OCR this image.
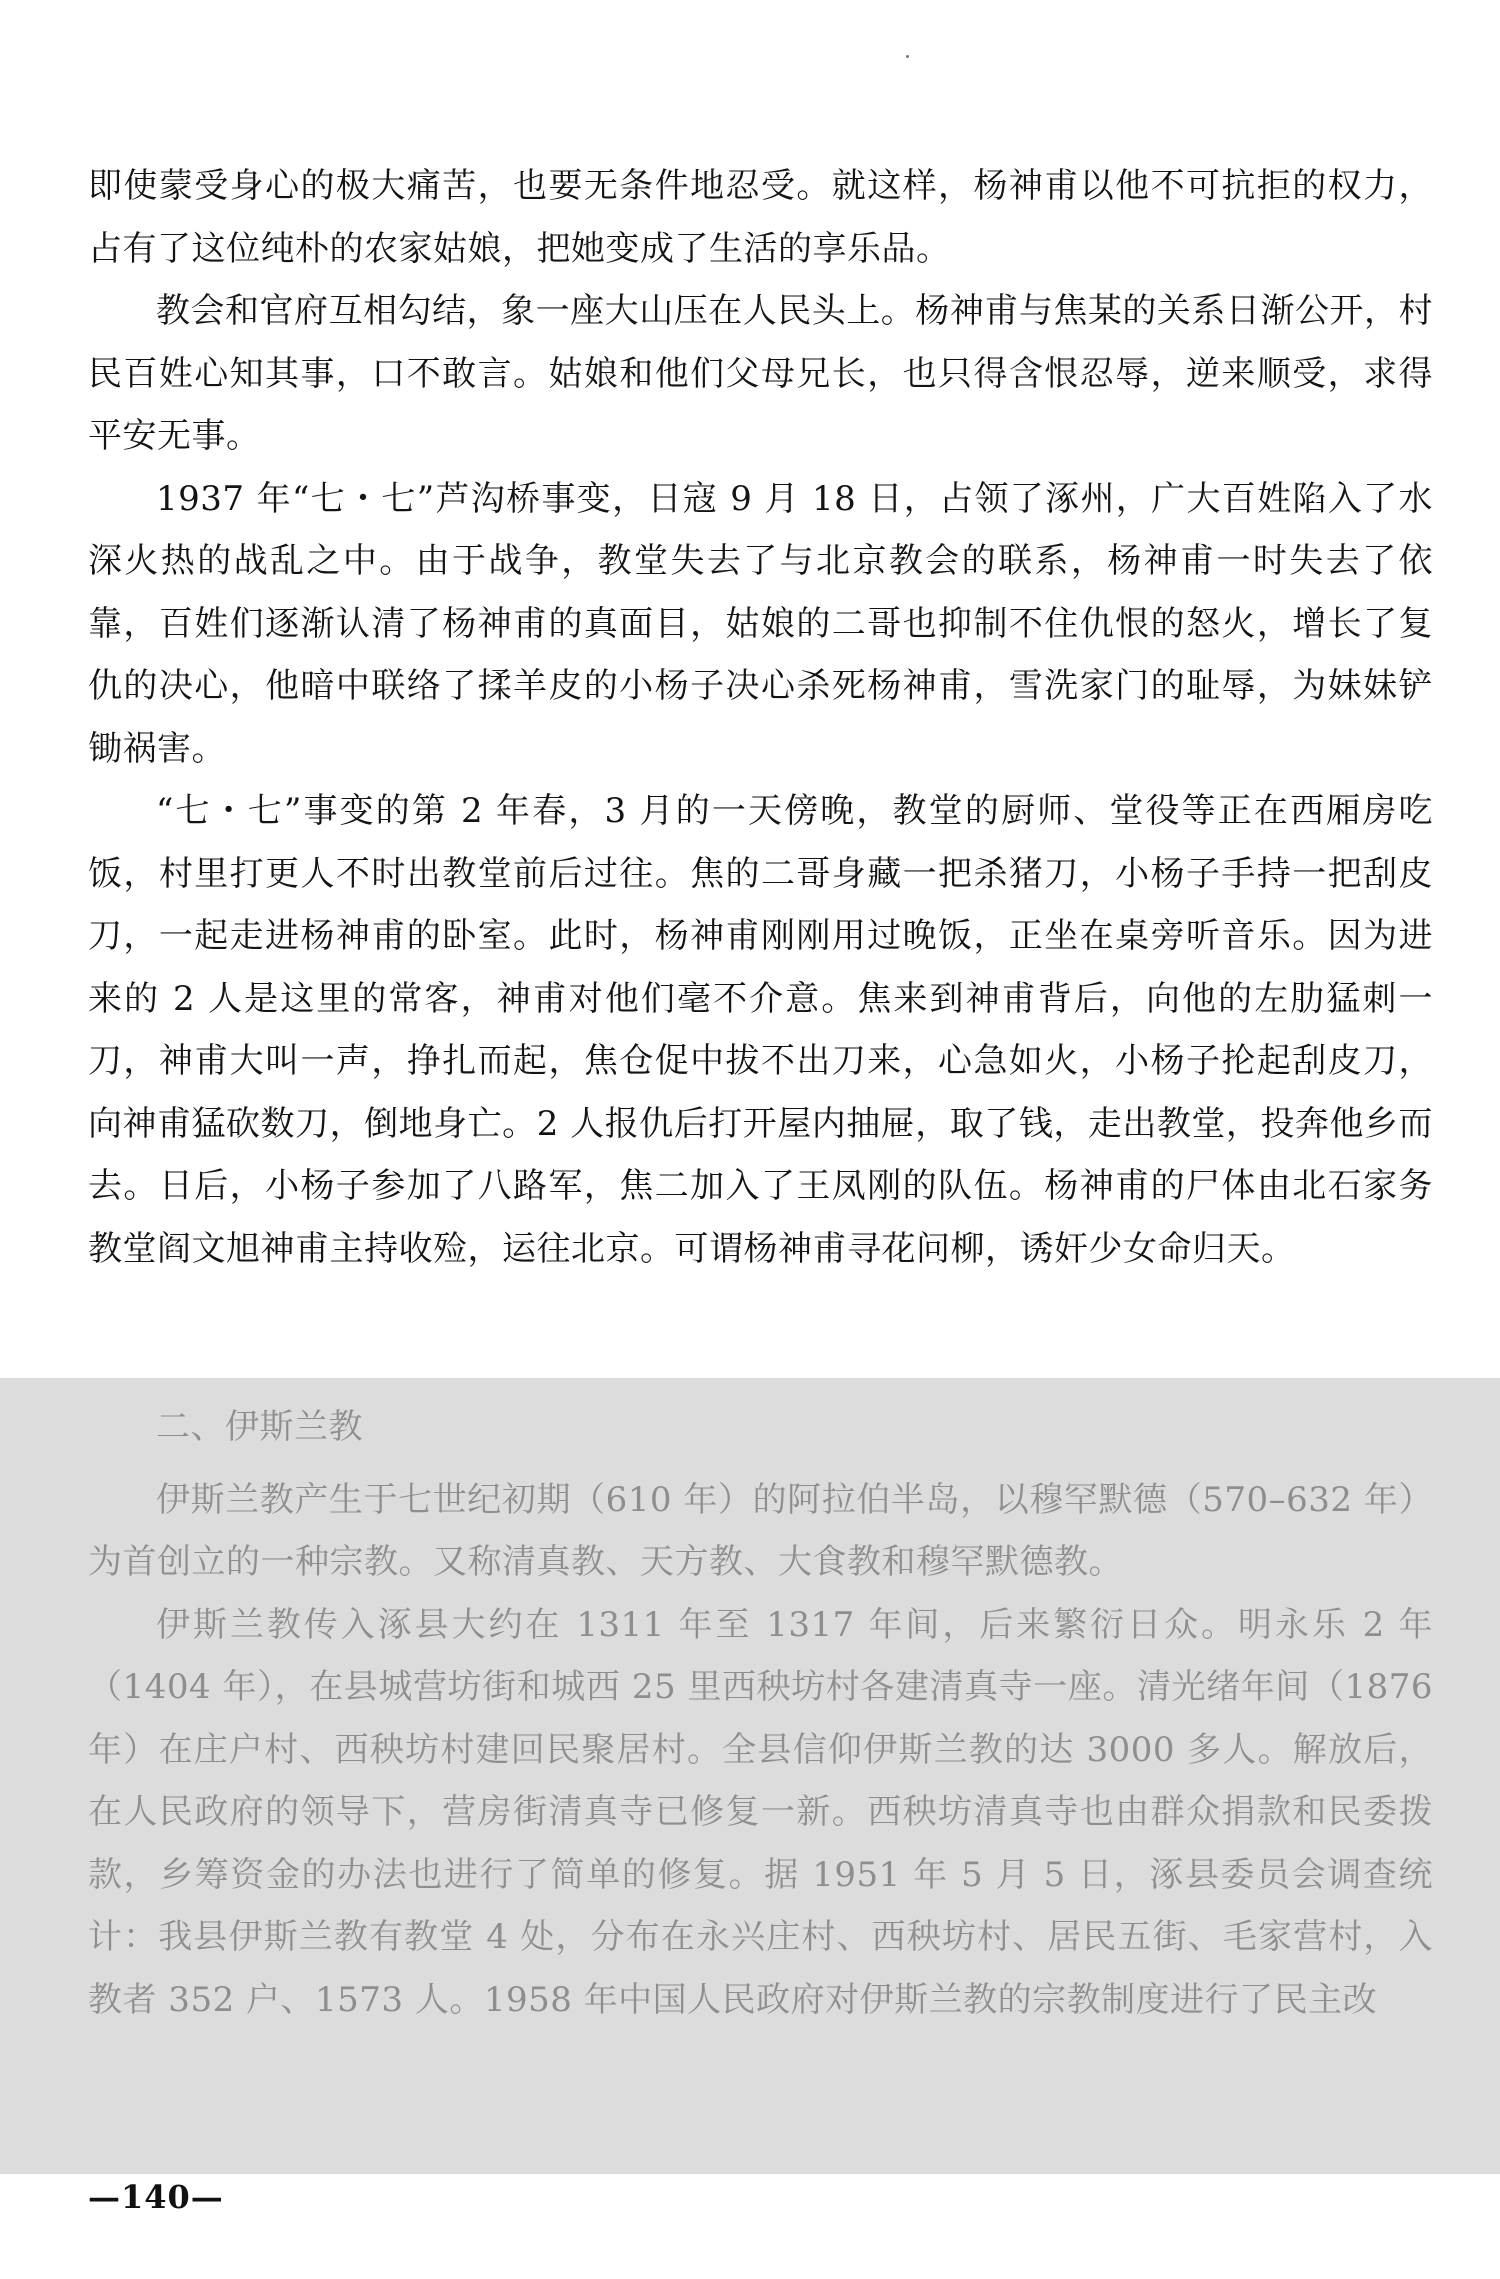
即使蒙受身心的极大痛苦，也要无条件地忍受。就这样，杨神甫以他不可抗拒的权力，占有了这位纯朴的农家姑娘，把她变成了生活的享乐品。

教会和官府互相勾结，象一座大山压在人民头上。杨神甫与焦某的关系日渐公开，村民百姓心知其事，口不敢言。姑娘和他们父母兄长，也只得含恨忍辱，逆来顺受，求得平安无事。

1937 年“七・七”芦沟桥事变，日寇 9 月 18 日，占领了涿州，广大百姓陷入了水深火热的战乱之中。由于战争，教堂失去了与北京教会的联系，杨神甫一时失去了依靠，百姓们逐渐认清了杨神甫的真面目，姑娘的二哥也抑制不住仇恨的怒火，增长了复仇的决心，他暗中联络了揉羊皮的小杨子决心杀死杨神甫，雪洗家门的耻辱，为妹妹铲锄祸害。

“七・七”事变的第 2 年春，3 月的一天傍晚，教堂的厨师、堂役等正在西厢房吃饭，村里打更人不时出教堂前后过往。焦的二哥身藏一把杀猪刀，小杨子手持一把刮皮刀，一起走进杨神甫的卧室。此时，杨神甫刚刚用过晚饭，正坐在桌旁听音乐。因为进来的 2 人是这里的常客，神甫对他们毫不介意。焦来到神甫背后，向他的左肋猛刺一刀，神甫大叫一声，挣扎而起，焦仓促中拔不出刀来，心急如火，小杨子抡起刮皮刀，向神甫猛砍数刀，倒地身亡。2 人报仇后打开屋内抽屉，取了钱，走出教堂，投奔他乡而去。日后，小杨子参加了八路军，焦二加入了王凤刚的队伍。杨神甫的尸体由北石家务教堂阎文旭神甫主持收殓，运往北京。可谓杨神甫寻花问柳，诱奸少女命归天。

二、伊斯兰教

伊斯兰教产生于七世纪初期（610 年）的阿拉伯半岛，以穆罕默德（570–632 年）为首创立的一种宗教。又称清真教、天方教、大食教和穆罕默德教。

伊斯兰教传入涿县大约在 1311 年至 1317 年间，后来繁衍日众。明永乐 2 年（1404 年），在县城营坊街和城西 25 里西秧坊村各建清真寺一座。清光绪年间（1876 年）在庄户村、西秧坊村建回民聚居村。全县信仰伊斯兰教的达 3000 多人。解放后，在人民政府的领导下，营房街清真寺已修复一新。西秧坊清真寺也由群众捐款和民委拨款，乡筹资金的办法也进行了简单的修复。据 1951 年 5 月 5 日，涿县委员会调查统计：我县伊斯兰教有教堂 4 处，分布在永兴庄村、西秧坊村、居民五街、毛家营村，入教者 352 户、1573 人。1958 年中国人民政府对伊斯兰教的宗教制度进行了民主改

—140—
